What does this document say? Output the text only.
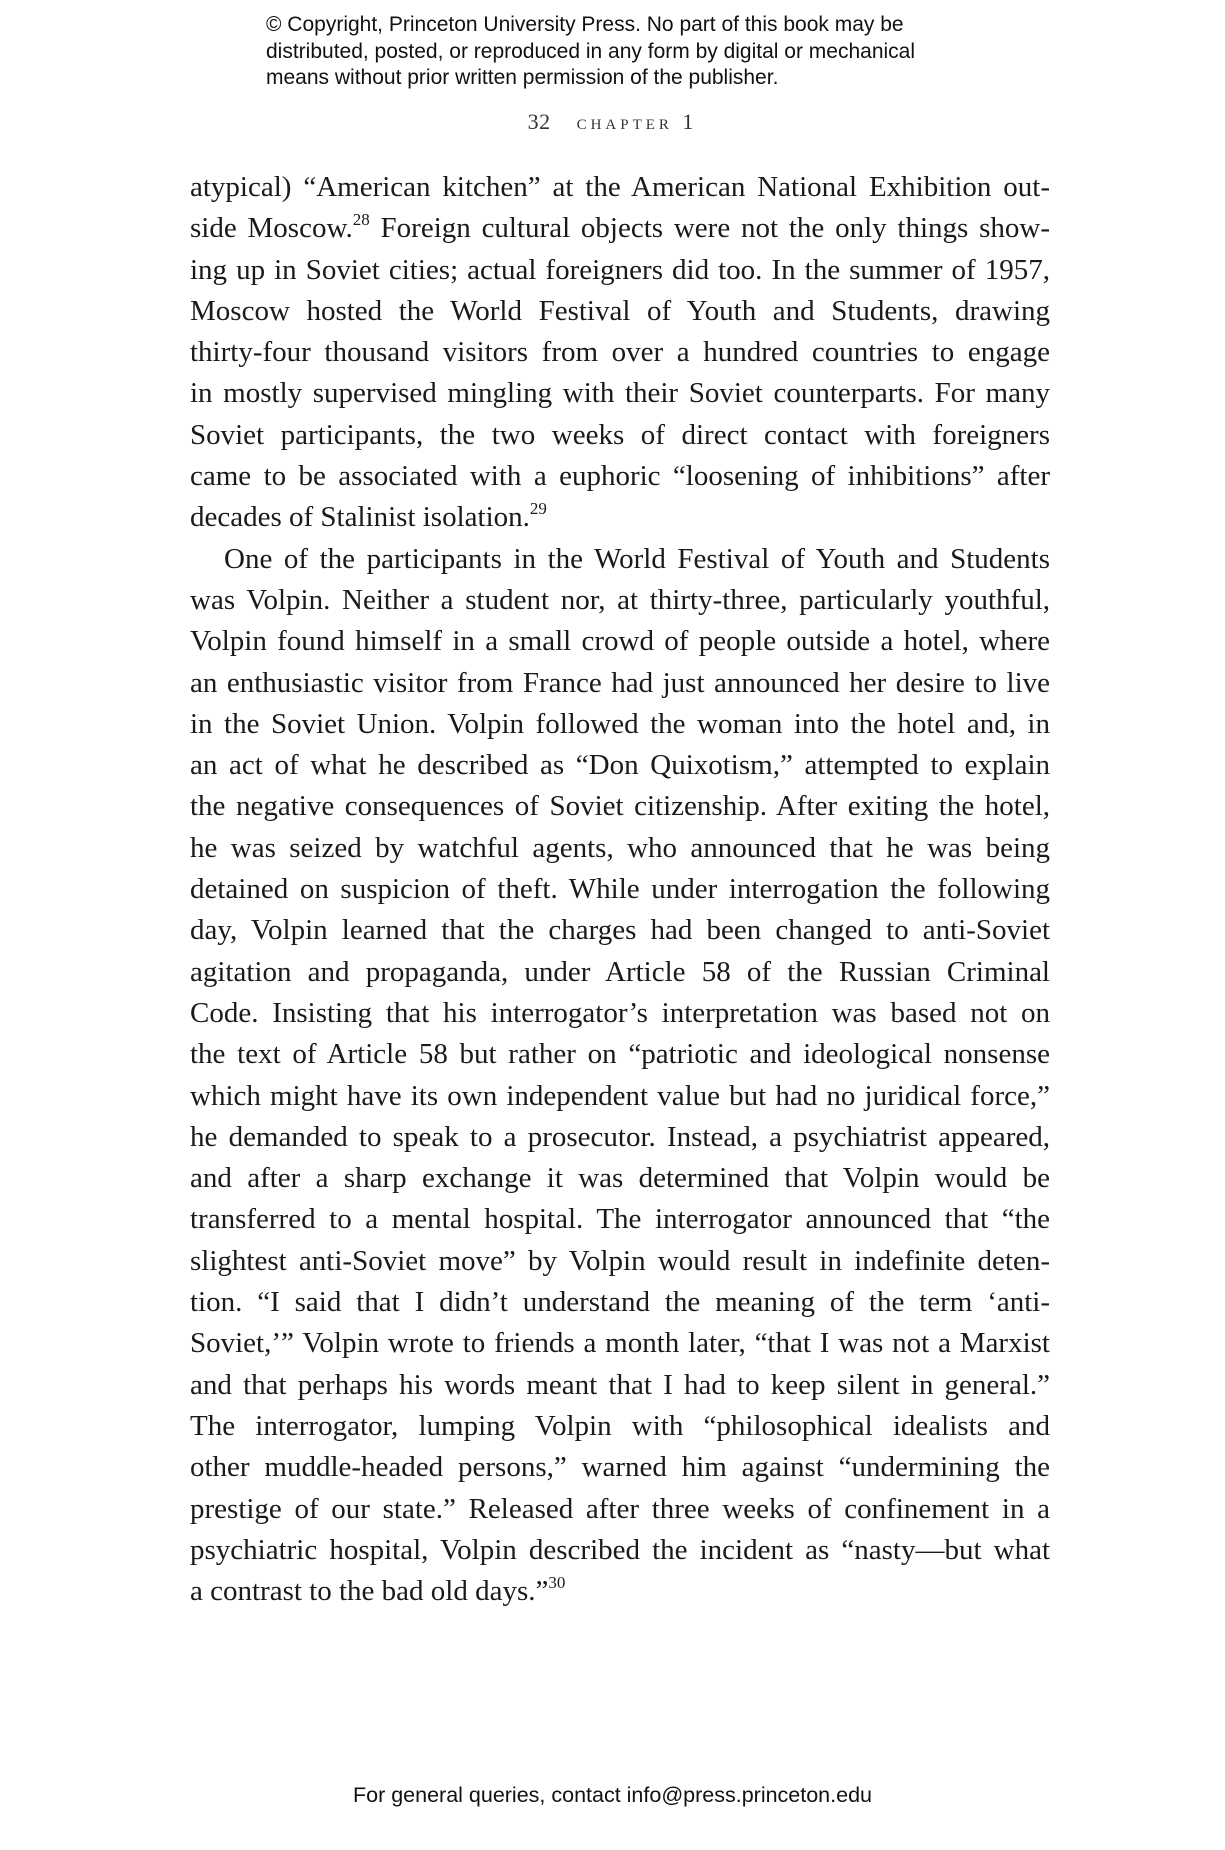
© Copyright, Princeton University Press. No part of this book may be
distributed, posted, or reproduced in any form by digital or mechanical
means without prior written permission of the publisher.
32 chapter 1
atypical) “American kitchen” at the American National Exhibition out-
side Moscow.$^{28}$ Foreign cultural objects were not the only things show-
ing up in Soviet cities; actual foreigners did too. In the summer of 1957,
Moscow hosted the World Festival of Youth and Students, drawing
thirty-four thousand visitors from over a hundred countries to engage
in mostly supervised mingling with their Soviet counterparts. For many
Soviet participants, the two weeks of direct contact with foreigners
came to be associated with a euphoric “loosening of inhibitions” after
decades of Stalinist isolation.$^{29}$
One of the participants in the World Festival of Youth and Students
was Volpin. Neither a student nor, at thirty-three, particularly youthful,
Volpin found himself in a small crowd of people outside a hotel, where
an enthusiastic visitor from France had just announced her desire to live
in the Soviet Union. Volpin followed the woman into the hotel and, in
an act of what he described as “Don Quixotism,” attempted to explain
the negative consequences of Soviet citizenship. After exiting the hotel,
he was seized by watchful agents, who announced that he was being
detained on suspicion of theft. While under interrogation the following
day, Volpin learned that the charges had been changed to anti-Soviet
agitation and propaganda, under Article 58 of the Russian Criminal
Code. Insisting that his interrogator’s interpretation was based not on
the text of Article 58 but rather on “patriotic and ideological nonsense
which might have its own independent value but had no juridical force,”
he demanded to speak to a prosecutor. Instead, a psychiatrist appeared,
and after a sharp exchange it was determined that Volpin would be
transferred to a mental hospital. The interrogator announced that “the
slightest anti-Soviet move” by Volpin would result in indefinite deten-
tion. “I said that I didn’t understand the meaning of the term ‘anti-
Soviet,’” Volpin wrote to friends a month later, “that I was not a Marxist
and that perhaps his words meant that I had to keep silent in general.”
The interrogator, lumping Volpin with “philosophical idealists and
other muddle-headed persons,” warned him against “undermining the
prestige of our state.” Released after three weeks of confinement in a
psychiatric hospital, Volpin described the incident as “nasty—but what
a contrast to the bad old days.”$^{30}$
For general queries, contact info@press.princeton.edu
